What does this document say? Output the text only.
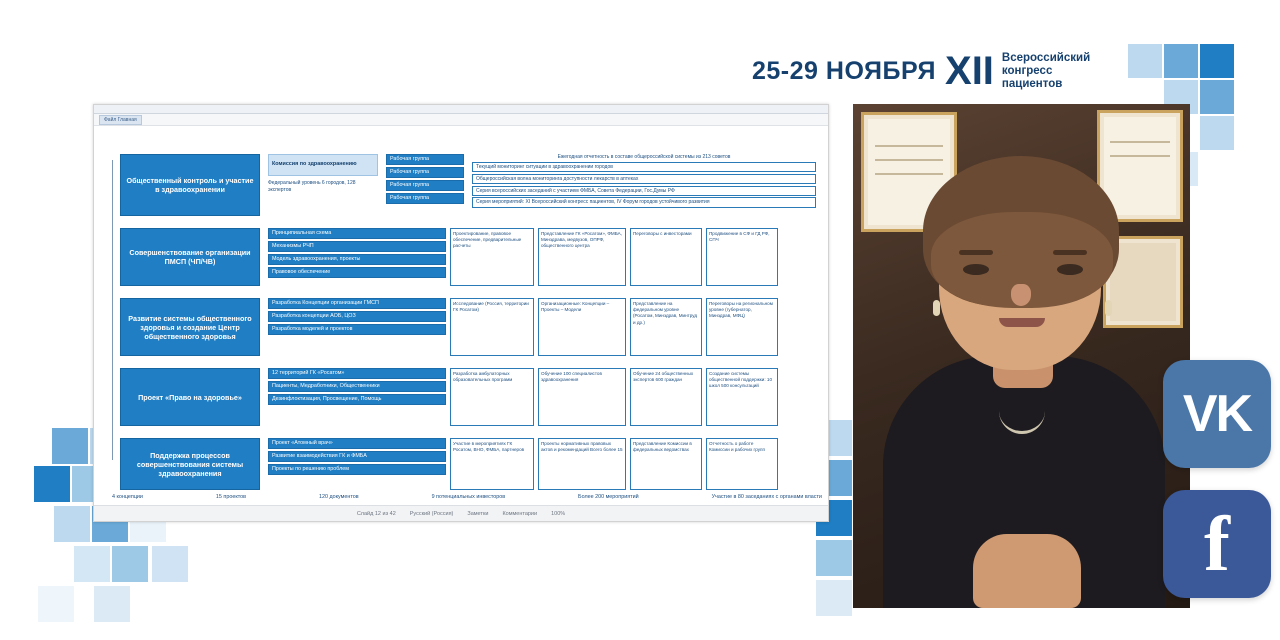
25-29 НОЯБРЯ XII Всероссийский
конгресс
пациентов
Файл Главная
Общественный контроль и участие в здравоохранении
Комиссия по здравоохранению
Федеральный уровень 6 городов, 128 экспертов
Рабочая группа
Рабочая группа
Рабочая группа
Рабочая группа
Ежегодная отчетность в составе общероссийской системы из 213 советов
Текущий мониторинг ситуации в здравоохранении городов
Общероссийская волна мониторинга доступности лекарств в аптеках
Серия всероссийских заседаний с участием ФМБА, Совета Федерации, Гос.Думы РФ
Серия мероприятий: XI Всероссийский конгресс пациентов, IV Форум городов устойчивого развития
Совершенствование организации ПМСП (ЧП/ЧВ)
Принципиальная схема
Механизмы РЧП
Модель здравоохранения, проекты
Правовое обеспечение
Проектирование, правовое обеспечение, предварительные расчеты
Представление ГК «Росатом», ФМБА, Минздрава, медвузов, ОПРФ, общественного центра
Переговоры с инвесторами	Продвижение в СФ и ГД РФ, СПЧ
Развитие системы общественного здоровья и создание Центр общественного здоровья
Разработка Концепции организации ГМСП
Разработка концепции АОБ, ЦОЗ
Разработка моделей и проектов
Исследование (Россия, территории ГК Росатом)
Организационные: Концепции – Проекты – Модели
Представление на федеральном уровне (Росатом, Минздрав, Минтруд и др.)
Переговоры на региональном уровне (губернатор, Минздрав, МФЦ)
Проект «Право на здоровье»
12 территорий ГК «Росатом»
Пациенты, Медработники, Общественники
Дезинфлоктизация, Просвещение, Помощь
Разработка амбулаторных образовательных программ
Обучение 100 специалистов здравоохранения
Обучение 24 общественных экспертов 600 граждан
Создание системы общественной поддержки: 10 школ 500 консультаций
Поддержка процессов совершенствования системы здравоохранения
Проект «Атомный врач»
Развитие взаимодействия ГК и ФМБА
Проекты по решению проблем
Участие в мероприятиях ГК Росатом, ВНО, ФМБА, партнеров
Проекты нормативных правовых актов и рекомендаций Всего более 15
Представление Комиссии в федеральных ведомствах
Отчетность о работе Комиссии и рабочих групп
4 концепции	15 проектов	120 документов	9 потенциальных инвесторов	Более 200 мероприятий	Участие в 80 заседаниях с органами власти
Слайд 12 из 42	Русский (Россия)	Заметки	Комментарии	100%
VK
f
